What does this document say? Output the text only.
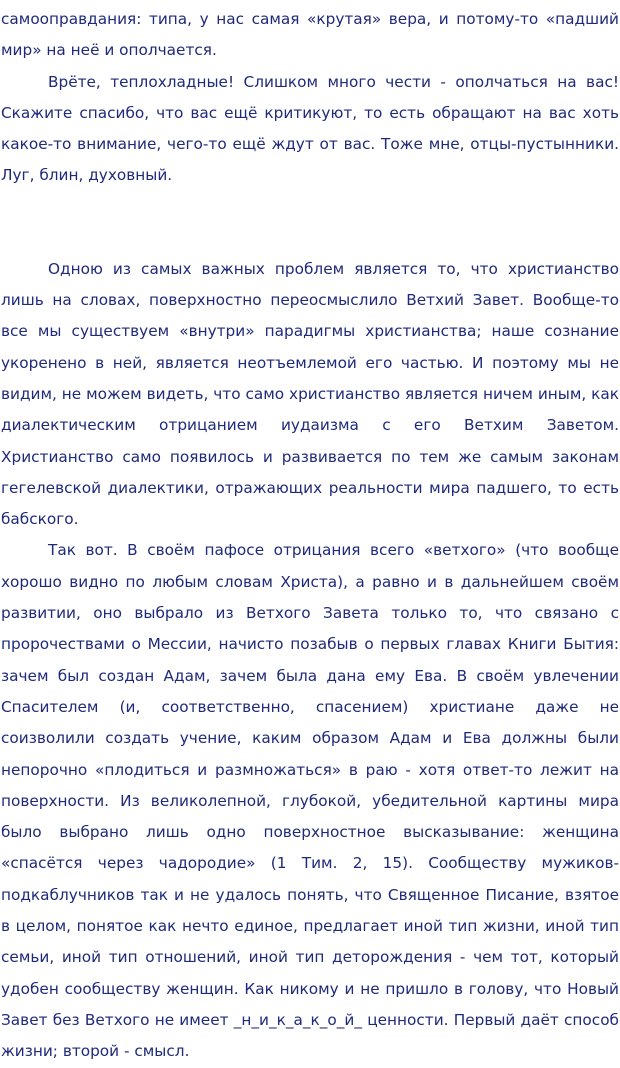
самооправдания: типа, у нас самая «крутая» вера, и потому-то «падший мир» на неё и ополчается.

Врёте, теплохладные! Слишком много чести - ополчаться на вас! Скажите спасибо, что вас ещё критикуют, то есть обращают на вас хоть какое-то внимание, чего-то ещё ждут от вас. Тоже мне, отцы-пустынники. Луг, блин, духовный.

Одною из самых важных проблем является то, что христианство лишь на словах, поверхностно переосмыслило Ветхий Завет. Вообще-то все мы существуем «внутри» парадигмы христианства; наше сознание укоренено в ней, является неотъемлемой его частью. И поэтому мы не видим, не можем видеть, что само христианство является ничем иным, как диалектическим отрицанием иудаизма с его Ветхим Заветом. Христианство само появилось и развивается по тем же самым законам гегелевской диалектики, отражающих реальности мира падшего, то есть бабского.

Так вот. В своём пафосе отрицания всего «ветхого» (что вообще хорошо видно по любым словам Христа), а равно и в дальнейшем своём развитии, оно выбрало из Ветхого Завета только то, что связано с пророчествами о Мессии, начисто позабыв о первых главах Книги Бытия: зачем был создан Адам, зачем была дана ему Ева. В своём увлечении Спасителем (и, соответственно, спасением) христиане даже не соизволили создать учение, каким образом Адам и Ева должны были непорочно «плодиться и размножаться» в раю - хотя ответ-то лежит на поверхности. Из великолепной, глубокой, убедительной картины мира было выбрано лишь одно поверхностное высказывание: женщина «спасётся через чадородие» (1 Тим. 2, 15). Сообществу мужиков-подкаблучников так и не удалось понять, что Священное Писание, взятое в целом, понятое как нечто единое, предлагает иной тип жизни, иной тип семьи, иной тип отношений, иной тип деторождения - чем тот, который удобен сообществу женщин. Как никому и не пришло в голову, что Новый Завет без Ветхого не имеет _н_и_к_а_к_о_й_ ценности. Первый даёт способ жизни; второй - смысл.
